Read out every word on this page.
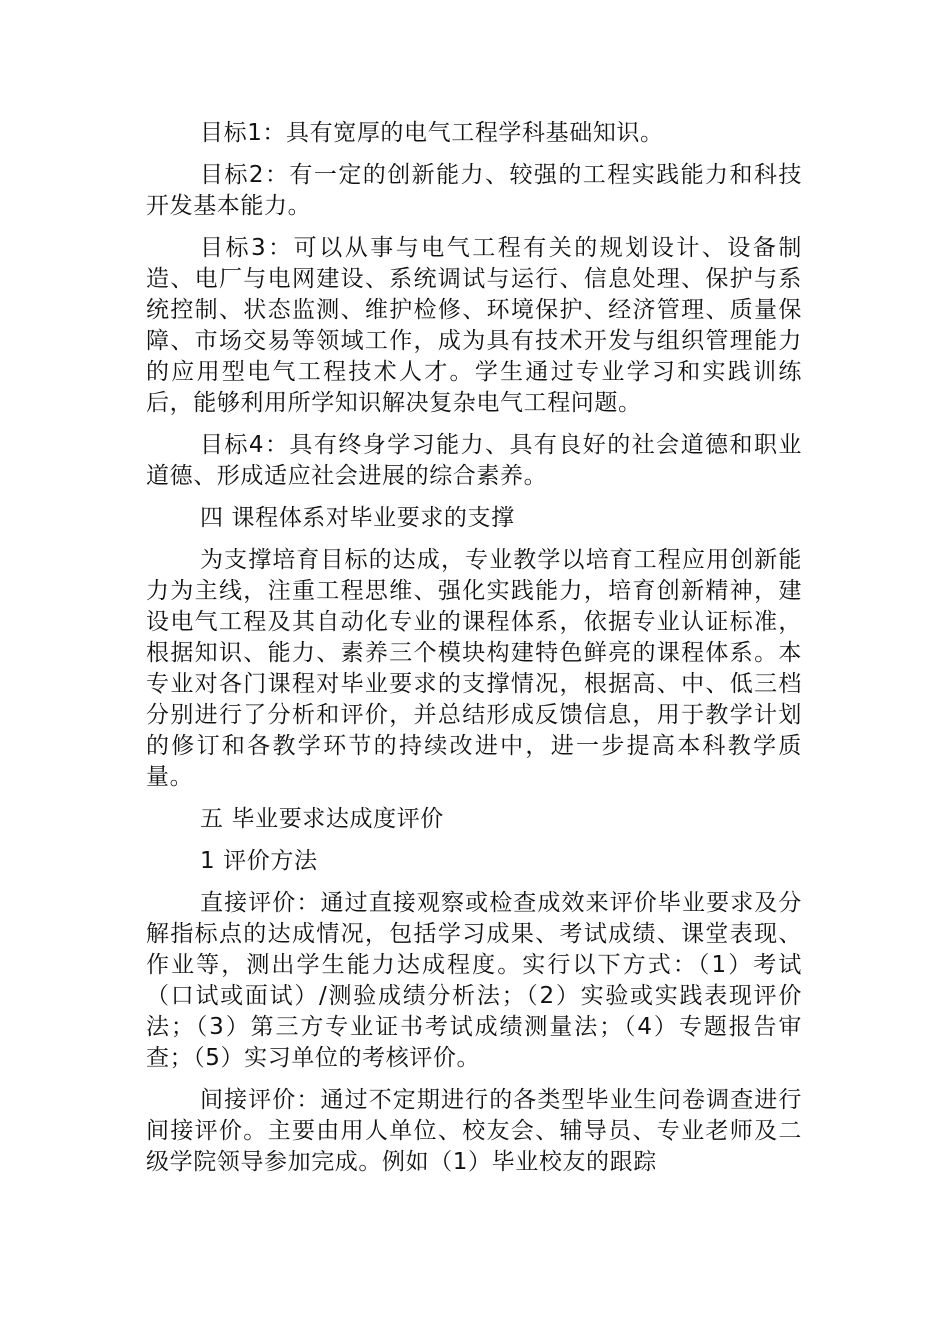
目标1：具有宽厚的电气工程学科基础知识。

目标2：有一定的创新能力、较强的工程实践能力和科技开发基本能力。

目标3：可以从事与电气工程有关的规划设计、设备制造、电厂与电网建设、系统调试与运行、信息处理、保护与系统控制、状态监测、维护检修、环境保护、经济管理、质量保障、市场交易等领域工作，成为具有技术开发与组织管理能力的应用型电气工程技术人才。学生通过专业学习和实践训练后，能够利用所学知识解决复杂电气工程问题。

目标4：具有终身学习能力、具有良好的社会道德和职业道德、形成适应社会进展的综合素养。

四 课程体系对毕业要求的支撑

为支撑培育目标的达成，专业教学以培育工程应用创新能力为主线，注重工程思维、强化实践能力，培育创新精神，建设电气工程及其自动化专业的课程体系，依据专业认证标准，根据知识、能力、素养三个模块构建特色鲜亮的课程体系。本专业对各门课程对毕业要求的支撑情况，根据高、中、低三档分别进行了分析和评价，并总结形成反馈信息，用于教学计划的修订和各教学环节的持续改进中，进一步提高本科教学质量。

五 毕业要求达成度评价

1 评价方法

直接评价：通过直接观察或检查成效来评价毕业要求及分解指标点的达成情况，包括学习成果、考试成绩、课堂表现、作业等，测出学生能力达成程度。实行以下方式：（1）考试（口试或面试）/测验成绩分析法；（2）实验或实践表现评价法；（3）第三方专业证书考试成绩测量法；（4）专题报告审查；（5）实习单位的考核评价。

间接评价：通过不定期进行的各类型毕业生问卷调查进行间接评价。主要由用人单位、校友会、辅导员、专业老师及二级学院领导参加完成。例如（1）毕业校友的跟踪
